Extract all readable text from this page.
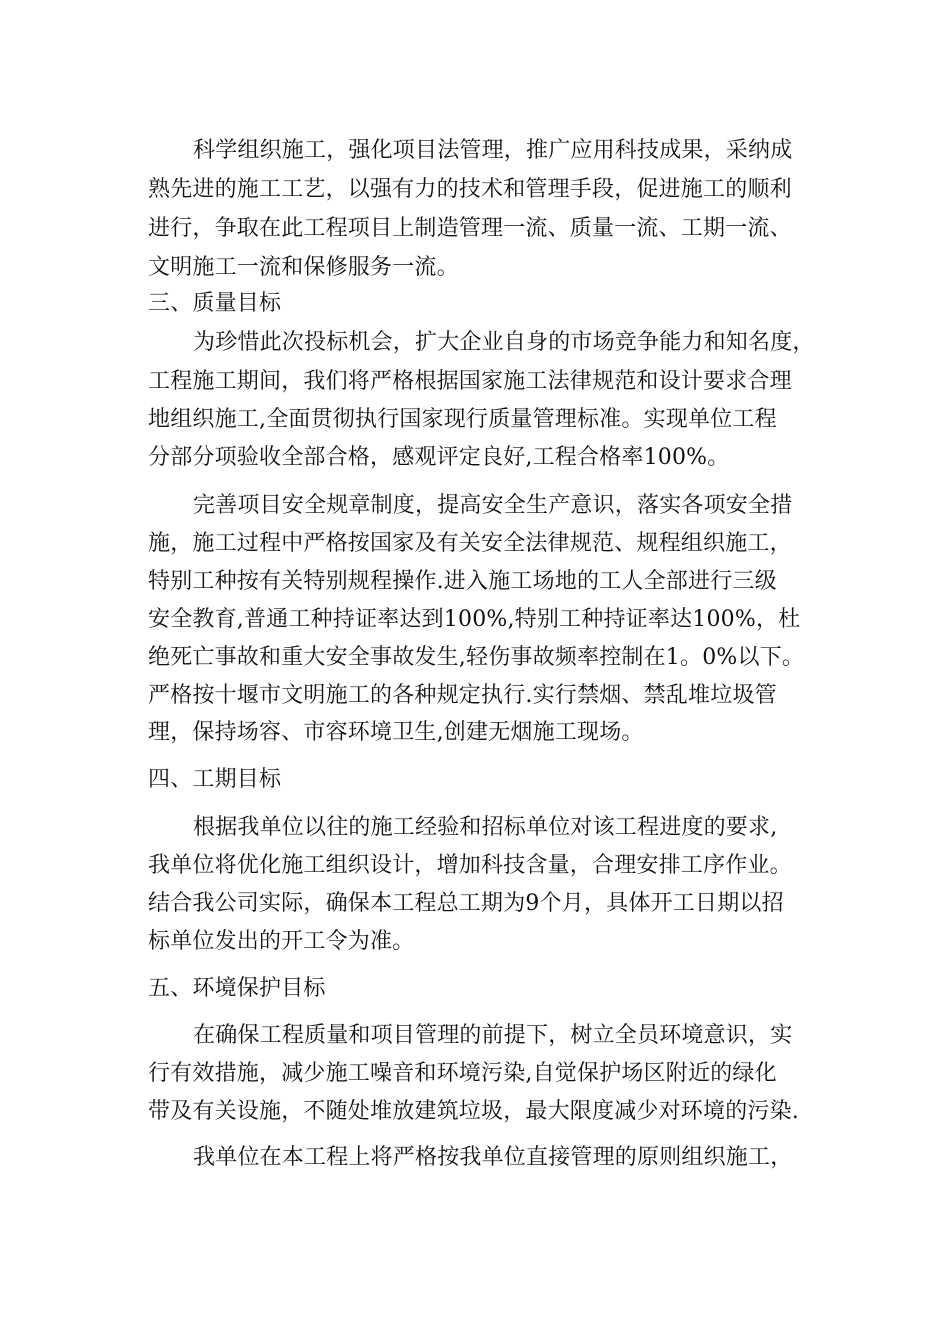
科学组织施工，强化项目法管理，推广应用科技成果，采纳成
熟先进的施工工艺，以强有力的技术和管理手段，促进施工的顺利
进行，争取在此工程项目上制造管理一流、质量一流、工期一流、
文明施工一流和保修服务一流。
三、质量目标
为珍惜此次投标机会，扩大企业自身的市场竞争能力和知名度，
工程施工期间，我们将严格根据国家施工法律规范和设计要求合理
地组织施工,全面贯彻执行国家现行质量管理标准。实现单位工程
分部分项验收全部合格，感观评定良好,工程合格率100%。
完善项目安全规章制度，提高安全生产意识，落实各项安全措
施，施工过程中严格按国家及有关安全法律规范、规程组织施工，
特别工种按有关特别规程操作.进入施工场地的工人全部进行三级
安全教育,普通工种持证率达到100%,特别工种持证率达100%，杜
绝死亡事故和重大安全事故发生,轻伤事故频率控制在1。0%以下。
严格按十堰市文明施工的各种规定执行.实行禁烟、禁乱堆垃圾管
理，保持场容、市容环境卫生,创建无烟施工现场。
四、工期目标
根据我单位以往的施工经验和招标单位对该工程进度的要求,
我单位将优化施工组织设计，增加科技含量，合理安排工序作业。
结合我公司实际，确保本工程总工期为9个月，具体开工日期以招
标单位发出的开工令为准。
五、环境保护目标
在确保工程质量和项目管理的前提下，树立全员环境意识，实
行有效措施，减少施工噪音和环境污染,自觉保护场区附近的绿化
带及有关设施，不随处堆放建筑垃圾，最大限度减少对环境的污染.
我单位在本工程上将严格按我单位直接管理的原则组织施工，
